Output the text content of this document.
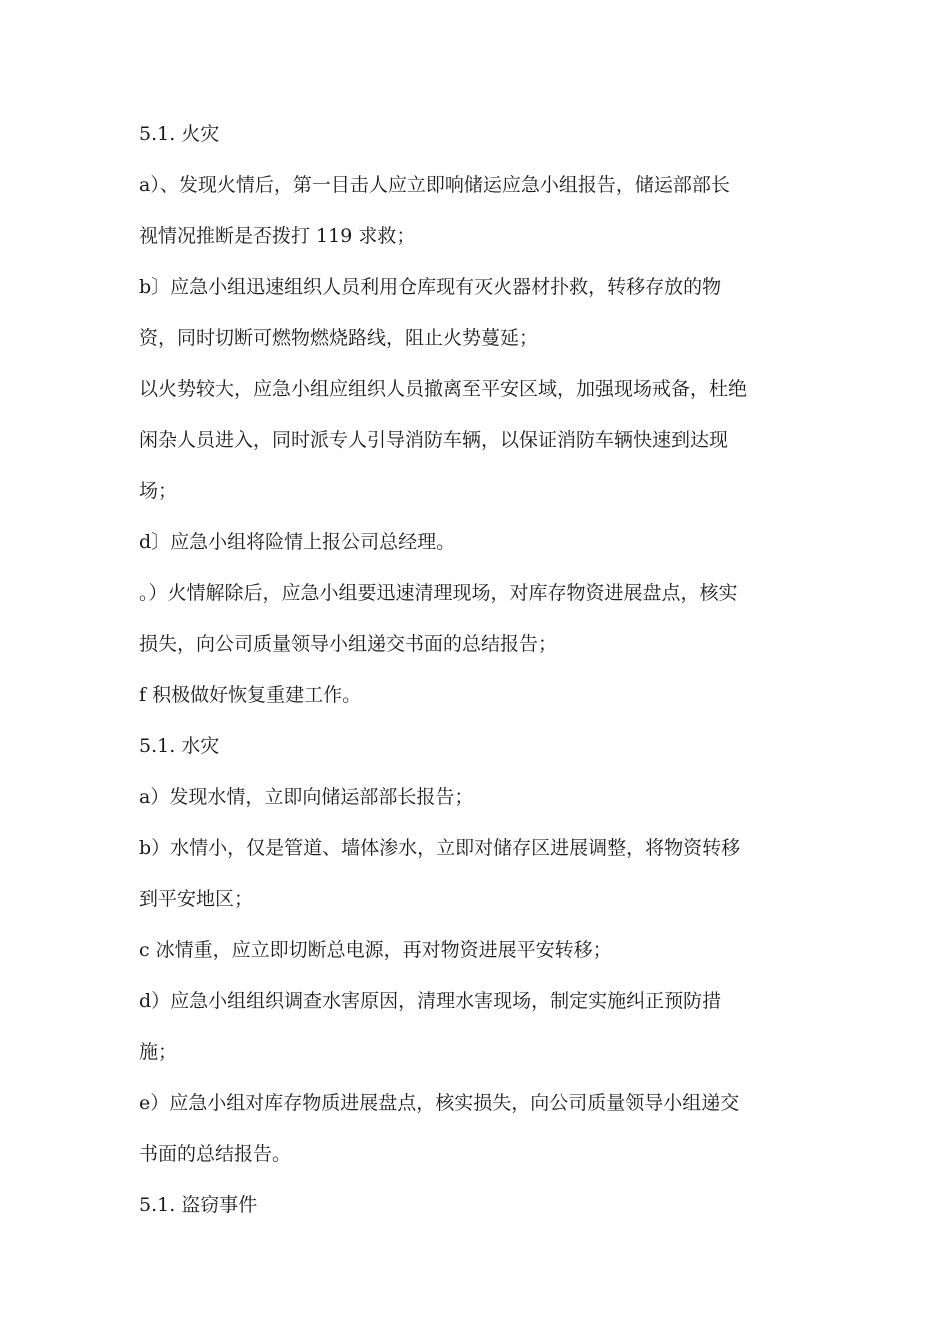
5.1. 火灾

a）、发现火情后，第一目击人应立即响储运应急小组报告，储运部部长
视情况推断是否拨打 119 求救；

b〕应急小组迅速组织人员利用仓库现有灭火器材扑救，转移存放的物
资，同时切断可燃物燃烧路线，阻止火势蔓延；

以火势较大，应急小组应组织人员撤离至平安区域，加强现场戒备，杜绝
闲杂人员进入，同时派专人引导消防车辆，以保证消防车辆快速到达现
场；

d〕应急小组将险情上报公司总经理。

。）火情解除后，应急小组要迅速清理现场，对库存物资进展盘点，核实
损失，向公司质量领导小组递交书面的总结报告；

f 积极做好恢复重建工作。

5.1. 水灾

a）发现水情，立即向储运部部长报告；

b）水情小，仅是管道、墙体渗水，立即对储存区进展调整，将物资转移
到平安地区；

c 冰情重，应立即切断总电源，再对物资进展平安转移；

d）应急小组组织调查水害原因，清理水害现场，制定实施纠正预防措
施；

e）应急小组对库存物质进展盘点，核实损失，向公司质量领导小组递交
书面的总结报告。

5.1. 盗窃事件
